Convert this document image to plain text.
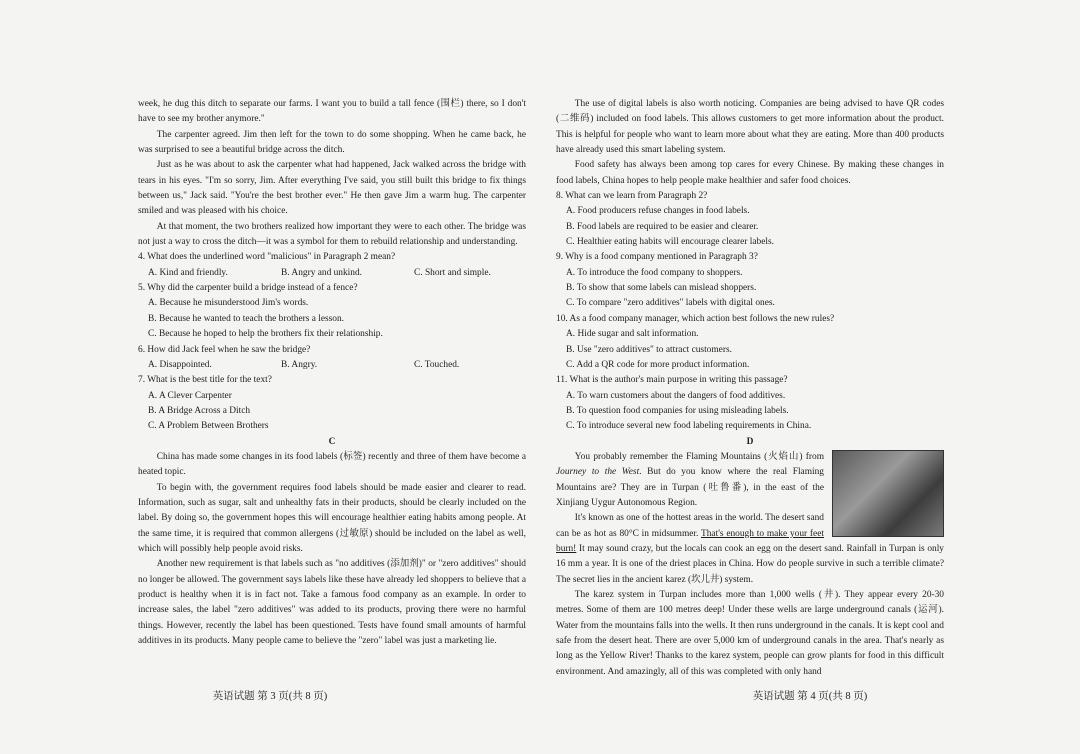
week, he dug this ditch to separate our farms. I want you to build a tall fence (围栏) there, so I don't have to see my brother anymore."

The carpenter agreed. Jim then left for the town to do some shopping. When he came back, he was surprised to see a beautiful bridge across the ditch.

Just as he was about to ask the carpenter what had happened, Jack walked across the bridge with tears in his eyes. "I'm so sorry, Jim. After everything I've said, you still built this bridge to fix things between us," Jack said. "You're the best brother ever." He then gave Jim a warm hug. The carpenter smiled and was pleased with his choice.

At that moment, the two brothers realized how important they were to each other. The bridge was not just a way to cross the ditch—it was a symbol for them to rebuild relationship and understanding.

4. What does the underlined word "malicious" in Paragraph 2 mean?

A. Kind and friendly.	B. Angry and unkind.	C. Short and simple.

5. Why did the carpenter build a bridge instead of a fence?

A. Because he misunderstood Jim's words.

B. Because he wanted to teach the brothers a lesson.

C. Because he hoped to help the brothers fix their relationship.

6. How did Jack feel when he saw the bridge?

A. Disappointed.	B. Angry.	C. Touched.

7. What is the best title for the text?

A. A Clever Carpenter

B. A Bridge Across a Ditch

C. A Problem Between Brothers

C

China has made some changes in its food labels (标签) recently and three of them have become a heated topic.

To begin with, the government requires food labels should be made easier and clearer to read. Information, such as sugar, salt and unhealthy fats in their products, should be clearly included on the label. By doing so, the government hopes this will encourage healthier eating habits among people. At the same time, it is required that common allergens (过敏原) should be included on the label as well, which will possibly help people avoid risks.

Another new requirement is that labels such as "no additives (添加剂)" or "zero additives" should no longer be allowed. The government says labels like these have already led shoppers to believe that a product is healthy when it is in fact not. Take a famous food company as an example. In order to increase sales, the label "zero additives" was added to its products, proving there were no harmful things. However, recently the label has been questioned. Tests have found small amounts of harmful additives in its products. Many people came to believe the "zero" label was just a marketing lie.

英语试题 第 3 页(共 8 页)

The use of digital labels is also worth noticing. Companies are being advised to have QR codes (二维码) included on food labels. This allows customers to get more information about the product. This is helpful for people who want to learn more about what they are eating. More than 400 products have already used this smart labeling system.

Food safety has always been among top cares for every Chinese. By making these changes in food labels, China hopes to help people make healthier and safer food choices.

8. What can we learn from Paragraph 2?

A. Food producers refuse changes in food labels.

B. Food labels are required to be easier and clearer.

C. Healthier eating habits will encourage clearer labels.

9. Why is a food company mentioned in Paragraph 3?

A. To introduce the food company to shoppers.

B. To show that some labels can mislead shoppers.

C. To compare "zero additives" labels with digital ones.

10. As a food company manager, which action best follows the new rules?

A. Hide sugar and salt information.

B. Use "zero additives" to attract customers.

C. Add a QR code for more product information.

11. What is the author's main purpose in writing this passage?

A. To warn customers about the dangers of food additives.

B. To question food companies for using misleading labels.

C. To introduce several new food labeling requirements in China.

D

You probably remember the Flaming Mountains (火焰山) from Journey to the West. But do you know where the real Flaming Mountains are? They are in Turpan (吐鲁番), in the east of the Xinjiang Uygur Autonomous Region.

It's known as one of the hottest areas in the world. The desert sand can be as hot as 80°C in midsummer. That's enough to make your feet burn! It may sound crazy, but the locals can cook an egg on the desert sand. Rainfall in Turpan is only 16 mm a year. It is one of the driest places in China. How do people survive in such a terrible climate? The secret lies in the ancient karez (坎儿井) system.

The karez system in Turpan includes more than 1,000 wells (井). They appear every 20-30 metres. Some of them are 100 metres deep! Under these wells are large underground canals (运河). Water from the mountains falls into the wells. It then runs underground in the canals. It is kept cool and safe from the desert heat. There are over 5,000 km of underground canals in the area. That's nearly as long as the Yellow River! Thanks to the karez system, people can grow plants for food in this difficult environment. And amazingly, all of this was completed with only hand

英语试题 第 4 页(共 8 页)
